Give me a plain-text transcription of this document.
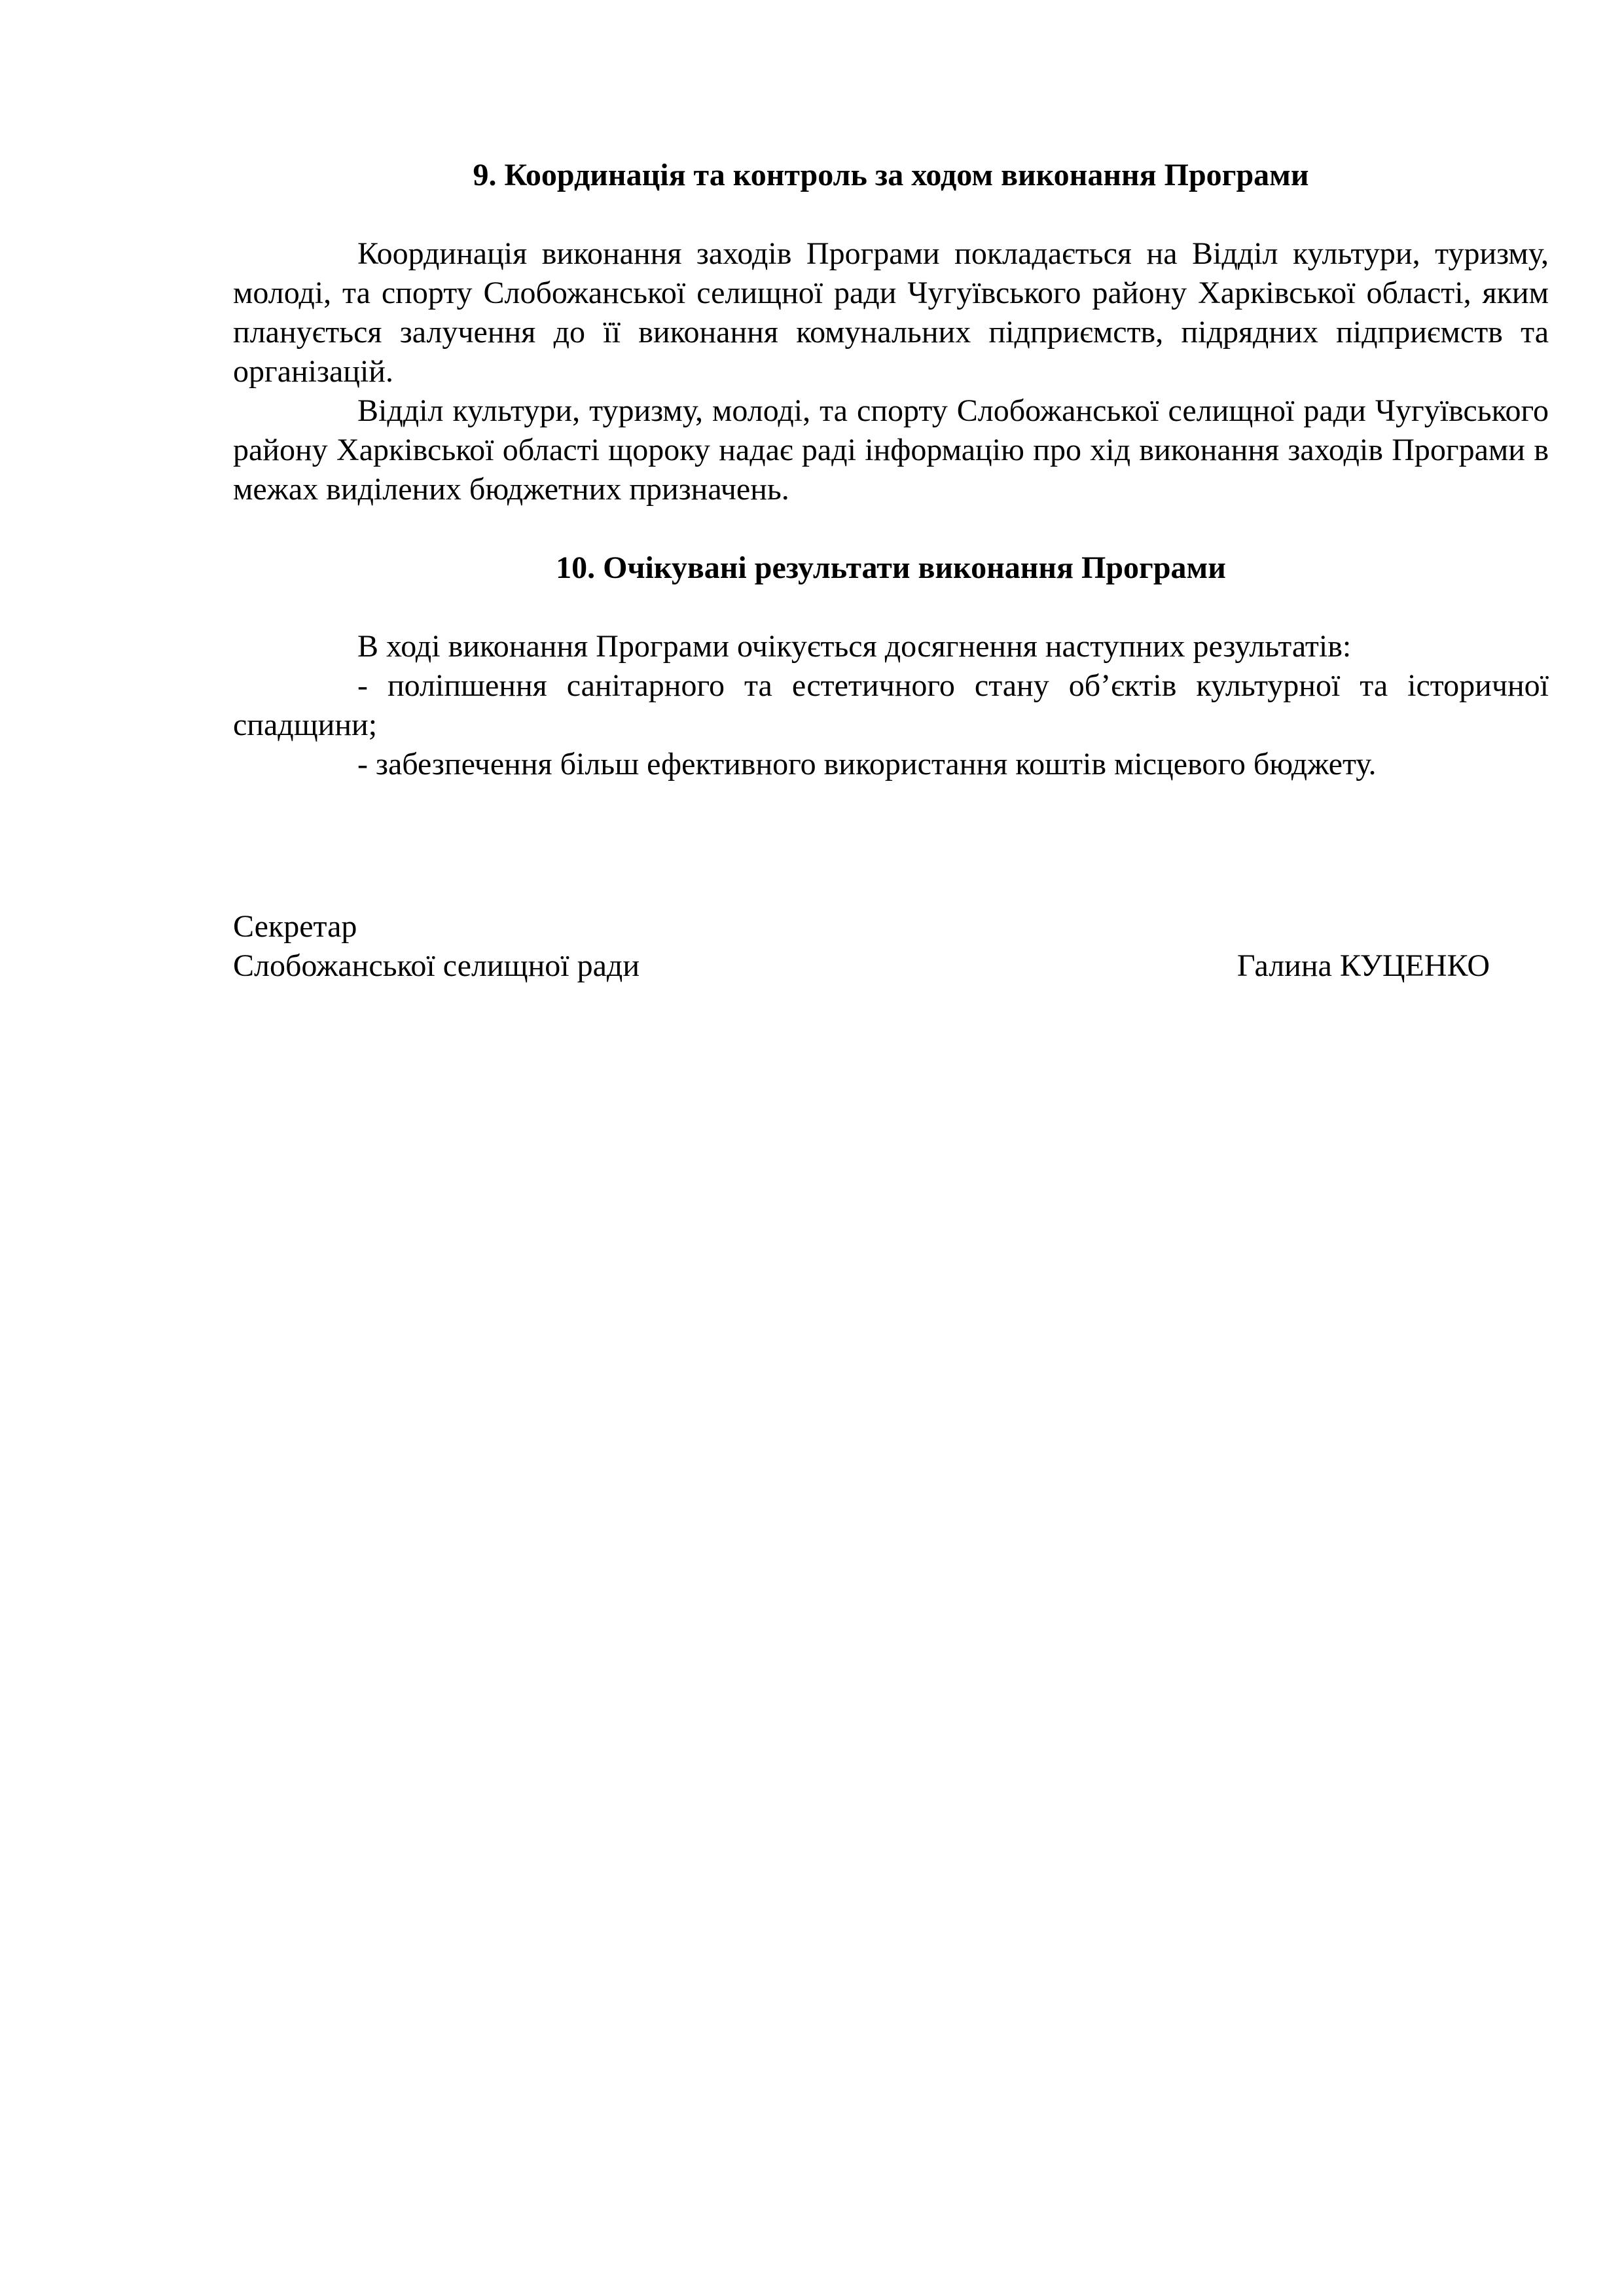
9. Координація та контроль за ходом виконання Програми

Координація виконання заходів Програми покладається на Відділ культури, туризму, молоді, та спорту Слобожанської селищної ради Чугуївського району Харківської області, яким планується залучення до її виконання комунальних підприємств, підрядних підприємств та організацій.

Відділ культури, туризму, молоді, та спорту Слобожанської селищної ради Чугуївського району Харківської області щороку надає раді інформацію про хід виконання заходів Програми в межах виділених бюджетних призначень.

10. Очікувані результати виконання Програми

В ході виконання Програми очікується досягнення наступних результатів:

- поліпшення санітарного та естетичного стану об’єктів культурної та історичної спадщини;

- забезпечення більш ефективного використання коштів місцевого бюджету.

Секретар
Слобожанської селищної ради	Галина КУЦЕНКО
